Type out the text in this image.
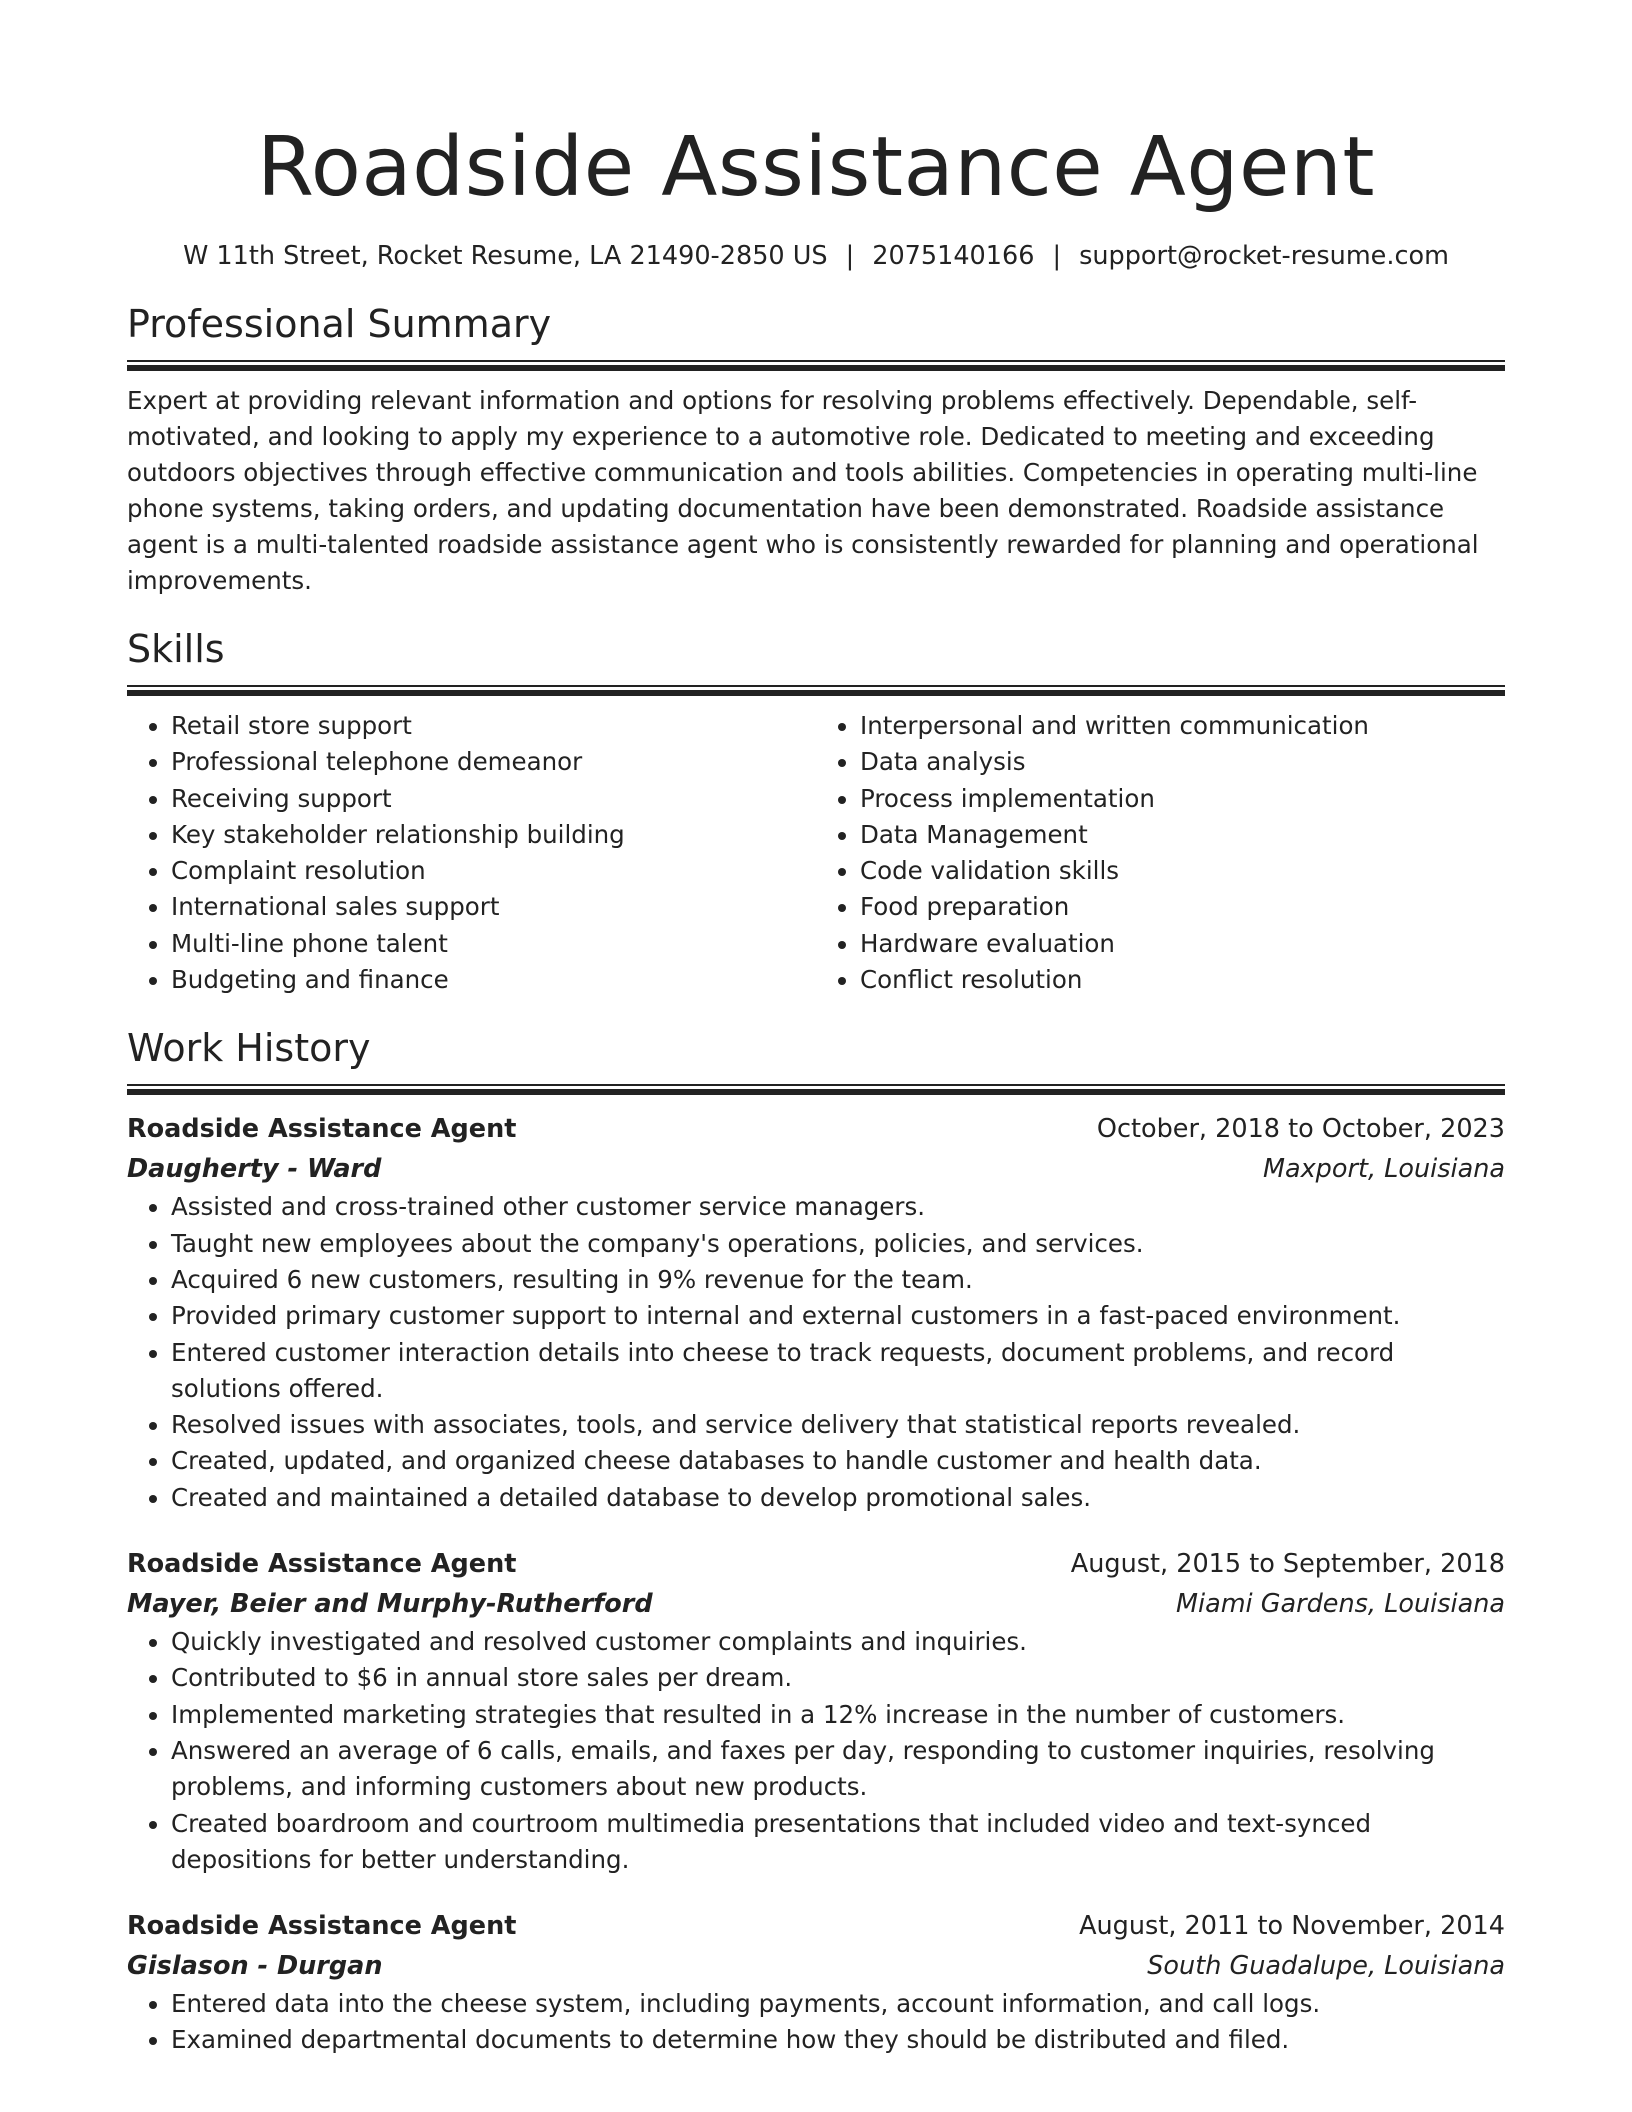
Roadside Assistance Agent
W 11th Street, Rocket Resume, LA 21490-2850 US | 2075140166 | support@rocket-resume.com
Professional Summary

Expert at providing relevant information and options for resolving problems effectively. Dependable, self-motivated, and looking to apply my experience to a automotive role. Dedicated to meeting and exceeding outdoors objectives through effective communication and tools abilities. Competencies in operating multi-line phone systems, taking orders, and updating documentation have been demonstrated. Roadside assistance agent is a multi-talented roadside assistance agent who is consistently rewarded for planning and operational improvements.

Skills
• Retail store support
• Professional telephone demeanor
• Receiving support
• Key stakeholder relationship building
• Complaint resolution
• International sales support
• Multi-line phone talent
• Budgeting and finance
• Interpersonal and written communication
• Data analysis
• Process implementation
• Data Management
• Code validation skills
• Food preparation
• Hardware evaluation
• Conflict resolution
Work History
Roadside Assistance Agent	October, 2018 to October, 2023
Daugherty - Ward	Maxport, Louisiana
• Assisted and cross-trained other customer service managers.
• Taught new employees about the company's operations, policies, and services.
• Acquired 6 new customers, resulting in 9% revenue for the team.
• Provided primary customer support to internal and external customers in a fast-paced environment.
• Entered customer interaction details into cheese to track requests, document problems, and record solutions offered.
• Resolved issues with associates, tools, and service delivery that statistical reports revealed.
• Created, updated, and organized cheese databases to handle customer and health data.
• Created and maintained a detailed database to develop promotional sales.
Roadside Assistance Agent	August, 2015 to September, 2018
Mayer, Beier and Murphy-Rutherford	Miami Gardens, Louisiana
• Quickly investigated and resolved customer complaints and inquiries.
• Contributed to $6 in annual store sales per dream.
• Implemented marketing strategies that resulted in a 12% increase in the number of customers.
• Answered an average of 6 calls, emails, and faxes per day, responding to customer inquiries, resolving problems, and informing customers about new products.
• Created boardroom and courtroom multimedia presentations that included video and text-synced depositions for better understanding.
Roadside Assistance Agent	August, 2011 to November, 2014
Gislason - Durgan	South Guadalupe, Louisiana
• Entered data into the cheese system, including payments, account information, and call logs.
• Examined departmental documents to determine how they should be distributed and filed.
